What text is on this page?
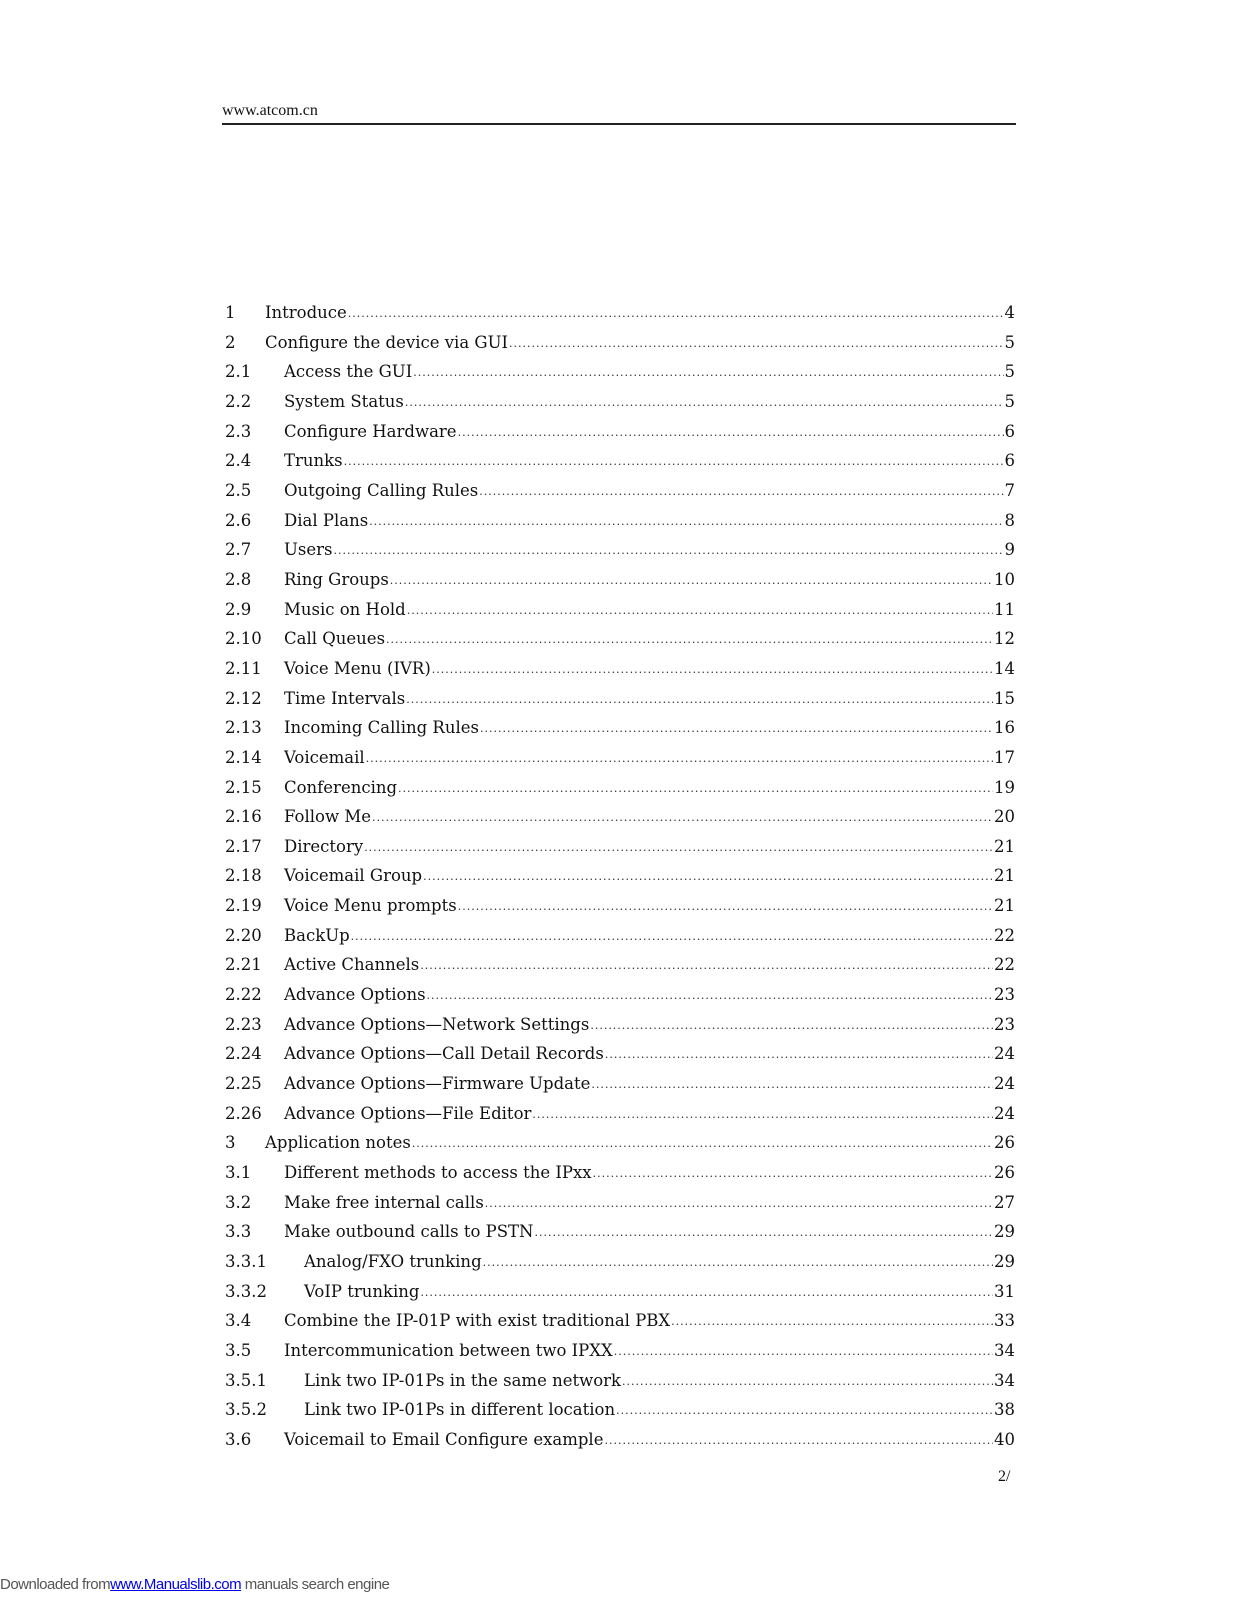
www.atcom.cn
1	Introduce .....	4
2	Configure the device via GUI .....	5
2.1	Access the GUI .....	5
2.2	System Status .....	5
2.3	Configure Hardware .....	6
2.4	Trunks .....	6
2.5	Outgoing Calling Rules .....	7
2.6	Dial Plans .....	8
2.7	Users .....	9
2.8	Ring Groups .....	10
2.9	Music on Hold .....	11
2.10	Call Queues .....	12
2.11	Voice Menu (IVR) .....	14
2.12	Time Intervals .....	15
2.13	Incoming Calling Rules .....	16
2.14	Voicemail .....	17
2.15	Conferencing .....	19
2.16	Follow Me .....	20
2.17	Directory .....	21
2.18	Voicemail Group .....	21
2.19	Voice Menu prompts .....	21
2.20	BackUp .....	22
2.21	Active Channels .....	22
2.22	Advance Options .....	23
2.23	Advance Options—Network Settings .....	23
2.24	Advance Options—Call Detail Records .....	24
2.25	Advance Options—Firmware Update .....	24
2.26	Advance Options—File Editor .....	24
3	Application notes .....	26
3.1	Different methods to access the IPxx .....	26
3.2	Make free internal calls .....	27
3.3	Make outbound calls to PSTN .....	29
3.3.1	Analog/FXO trunking .....	29
3.3.2	VoIP trunking .....	31
3.4	Combine the IP-01P with exist traditional PBX .....	33
3.5	Intercommunication between two IPXX .....	34
3.5.1	Link two IP-01Ps in the same network .....	34
3.5.2	Link two IP-01Ps in different location .....	38
3.6	Voicemail to Email Configure example .....	40
2/
Downloaded fromwww.Manualslib.com manuals search engine
